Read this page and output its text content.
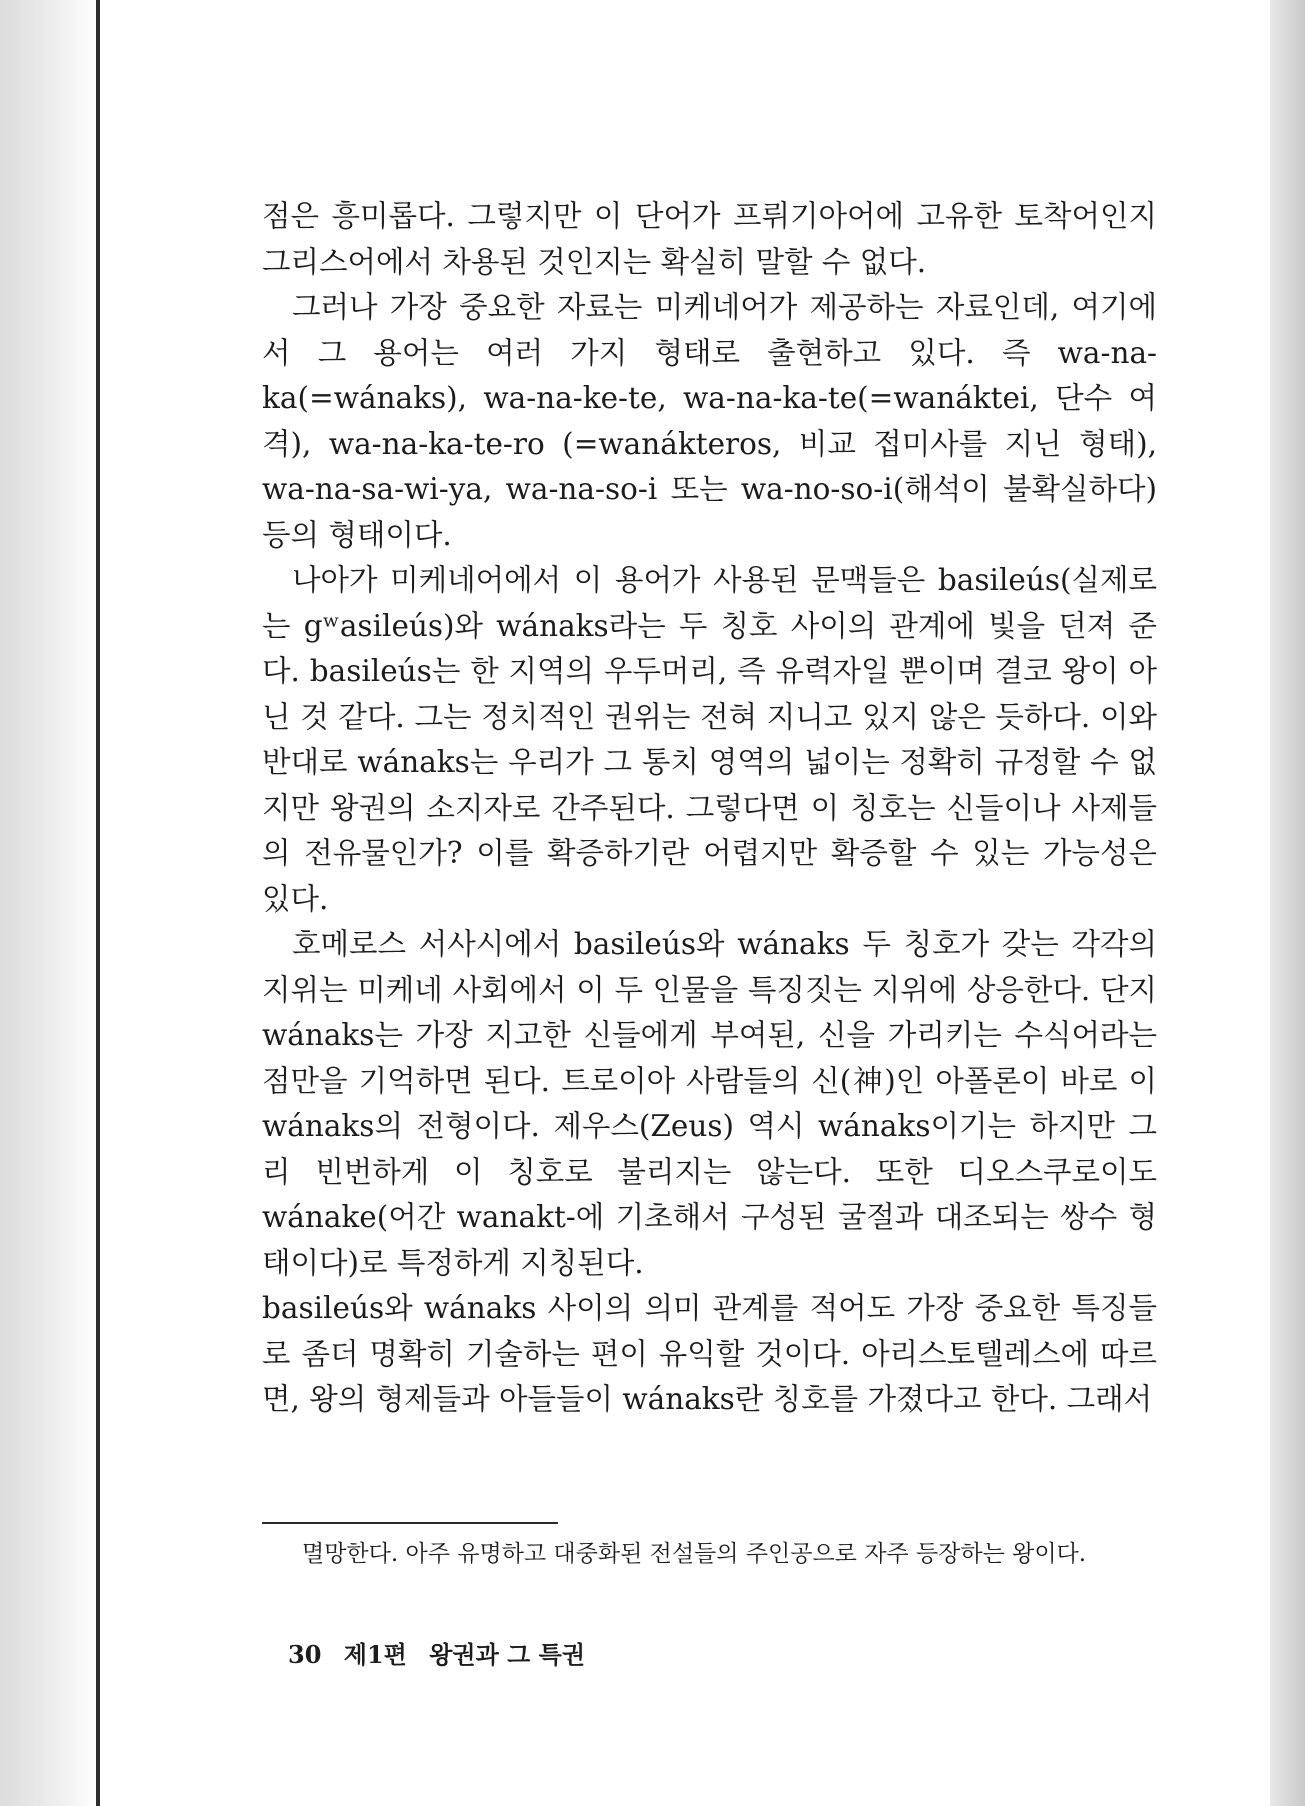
점은 흥미롭다. 그렇지만 이 단어가 프뤼기아어에 고유한 토착어인지 그리스어에서 차용된 것인지는 확실히 말할 수 없다.

그러나 가장 중요한 자료는 미케네어가 제공하는 자료인데, 여기에서 그 용어는 여러 가지 형태로 출현하고 있다. 즉 wa-na-ka(=wánaks), wa-na-ke-te, wa-na-ka-te(=wanáktei, 단수 여격), wa-na-ka-te-ro (=wanákteros, 비교 접미사를 지닌 형태), wa-na-sa-wi-ya, wa-na-so-i 또는 wa-no-so-i(해석이 불확실하다) 등의 형태이다.

나아가 미케네어에서 이 용어가 사용된 문맥들은 basileús(실제로는 gʷasileús)와 wánaks라는 두 칭호 사이의 관계에 빛을 던져 준다. basileús는 한 지역의 우두머리, 즉 유력자일 뿐이며 결코 왕이 아닌 것 같다. 그는 정치적인 권위는 전혀 지니고 있지 않은 듯하다. 이와 반대로 wánaks는 우리가 그 통치 영역의 넓이는 정확히 규정할 수 없지만 왕권의 소지자로 간주된다. 그렇다면 이 칭호는 신들이나 사제들의 전유물인가? 이를 확증하기란 어렵지만 확증할 수 있는 가능성은 있다.

호메로스 서사시에서 basileús와 wánaks 두 칭호가 갖는 각각의 지위는 미케네 사회에서 이 두 인물을 특징짓는 지위에 상응한다. 단지 wánaks는 가장 지고한 신들에게 부여된, 신을 가리키는 수식어라는 점만을 기억하면 된다. 트로이아 사람들의 신(神)인 아폴론이 바로 이 wánaks의 전형이다. 제우스(Zeus) 역시 wánaks이기는 하지만 그리 빈번하게 이 칭호로 불리지는 않는다. 또한 디오스쿠로이도 wánake(어간 wanakt-에 기초해서 구성된 굴절과 대조되는 쌍수 형태이다)로 특정하게 지칭된다.

basileús와 wánaks 사이의 의미 관계를 적어도 가장 중요한 특징들로 좀더 명확히 기술하는 편이 유익할 것이다. 아리스토텔레스에 따르면, 왕의 형제들과 아들들이 wánaks란 칭호를 가졌다고 한다. 그래서

멸망한다. 아주 유명하고 대중화된 전설들의 주인공으로 자주 등장하는 왕이다.
30 제1편 왕권과 그 특권
